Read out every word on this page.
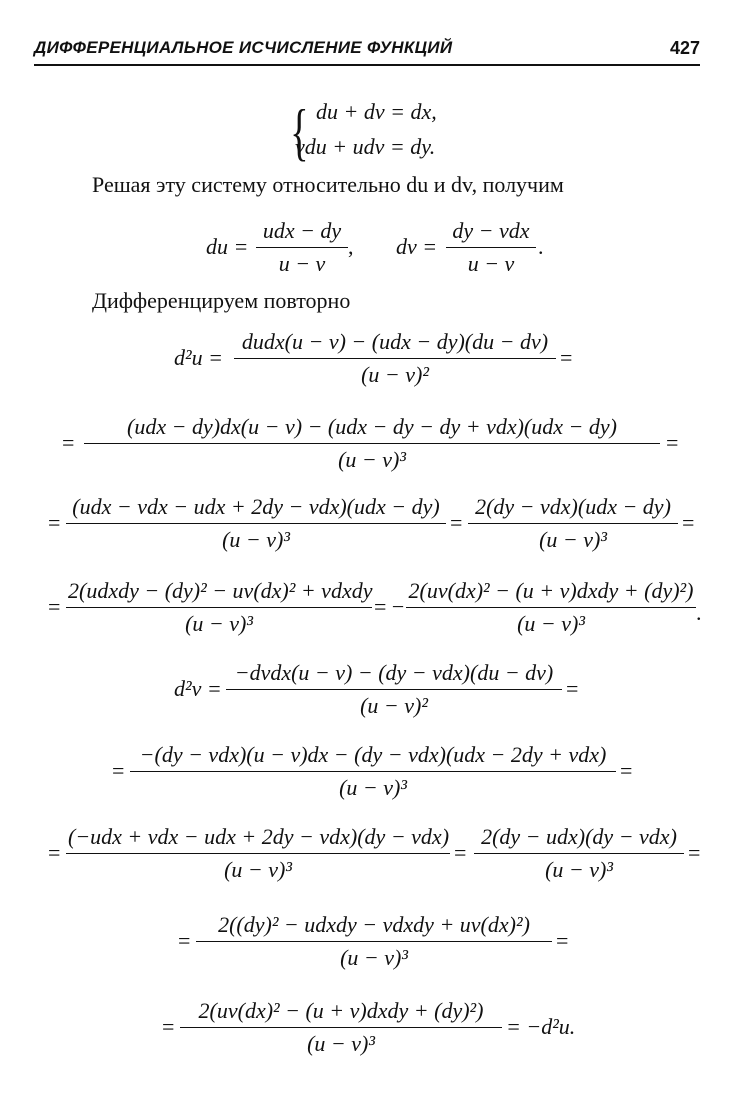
ДИФФЕРЕНЦИАЛЬНОЕ ИСЧИСЛЕНИЕ ФУНКЦИЙ	427
{ du + dv = dx,
vdu + udv = dy.
Решая эту систему относительно du и dv, получим
du =
udx − dy
u − v
, dv =
dy − vdx
u − v
.
Дифференцируем повторно
d²u =
dudx(u − v) − (udx − dy)(du − dv)
(u − v)²
=
=
(udx − dy)dx(u − v) − (udx − dy − dy + vdx)(udx − dy)
(u − v)³
=
=
(udx − vdx − udx + 2dy − vdx)(udx − dy)
(u − v)³
=
2(dy − vdx)(udx − dy)
(u − v)³
=
=
2(udxdy − (dy)² − uv(dx)² + vdxdy
(u − v)³
= −
2(uv(dx)² − (u + v)dxdy + (dy)²)
(u − v)³	.
d²v =
−dvdx(u − v) − (dy − vdx)(du − dv)
(u − v)²
=
=
−(dy − vdx)(u − v)dx − (dy − vdx)(udx − 2dy + vdx)
(u − v)³
=
=
(−udx + vdx − udx + 2dy − vdx)(dy − vdx)
(u − v)³
=
2(dy − udx)(dy − vdx)
(u − v)³
=
=
2((dy)² − udxdy − vdxdy + uv(dx)²)
(u − v)³
=
=
2(uv(dx)² − (u + v)dxdy + (dy)²)
(u − v)³
= −d²u.
